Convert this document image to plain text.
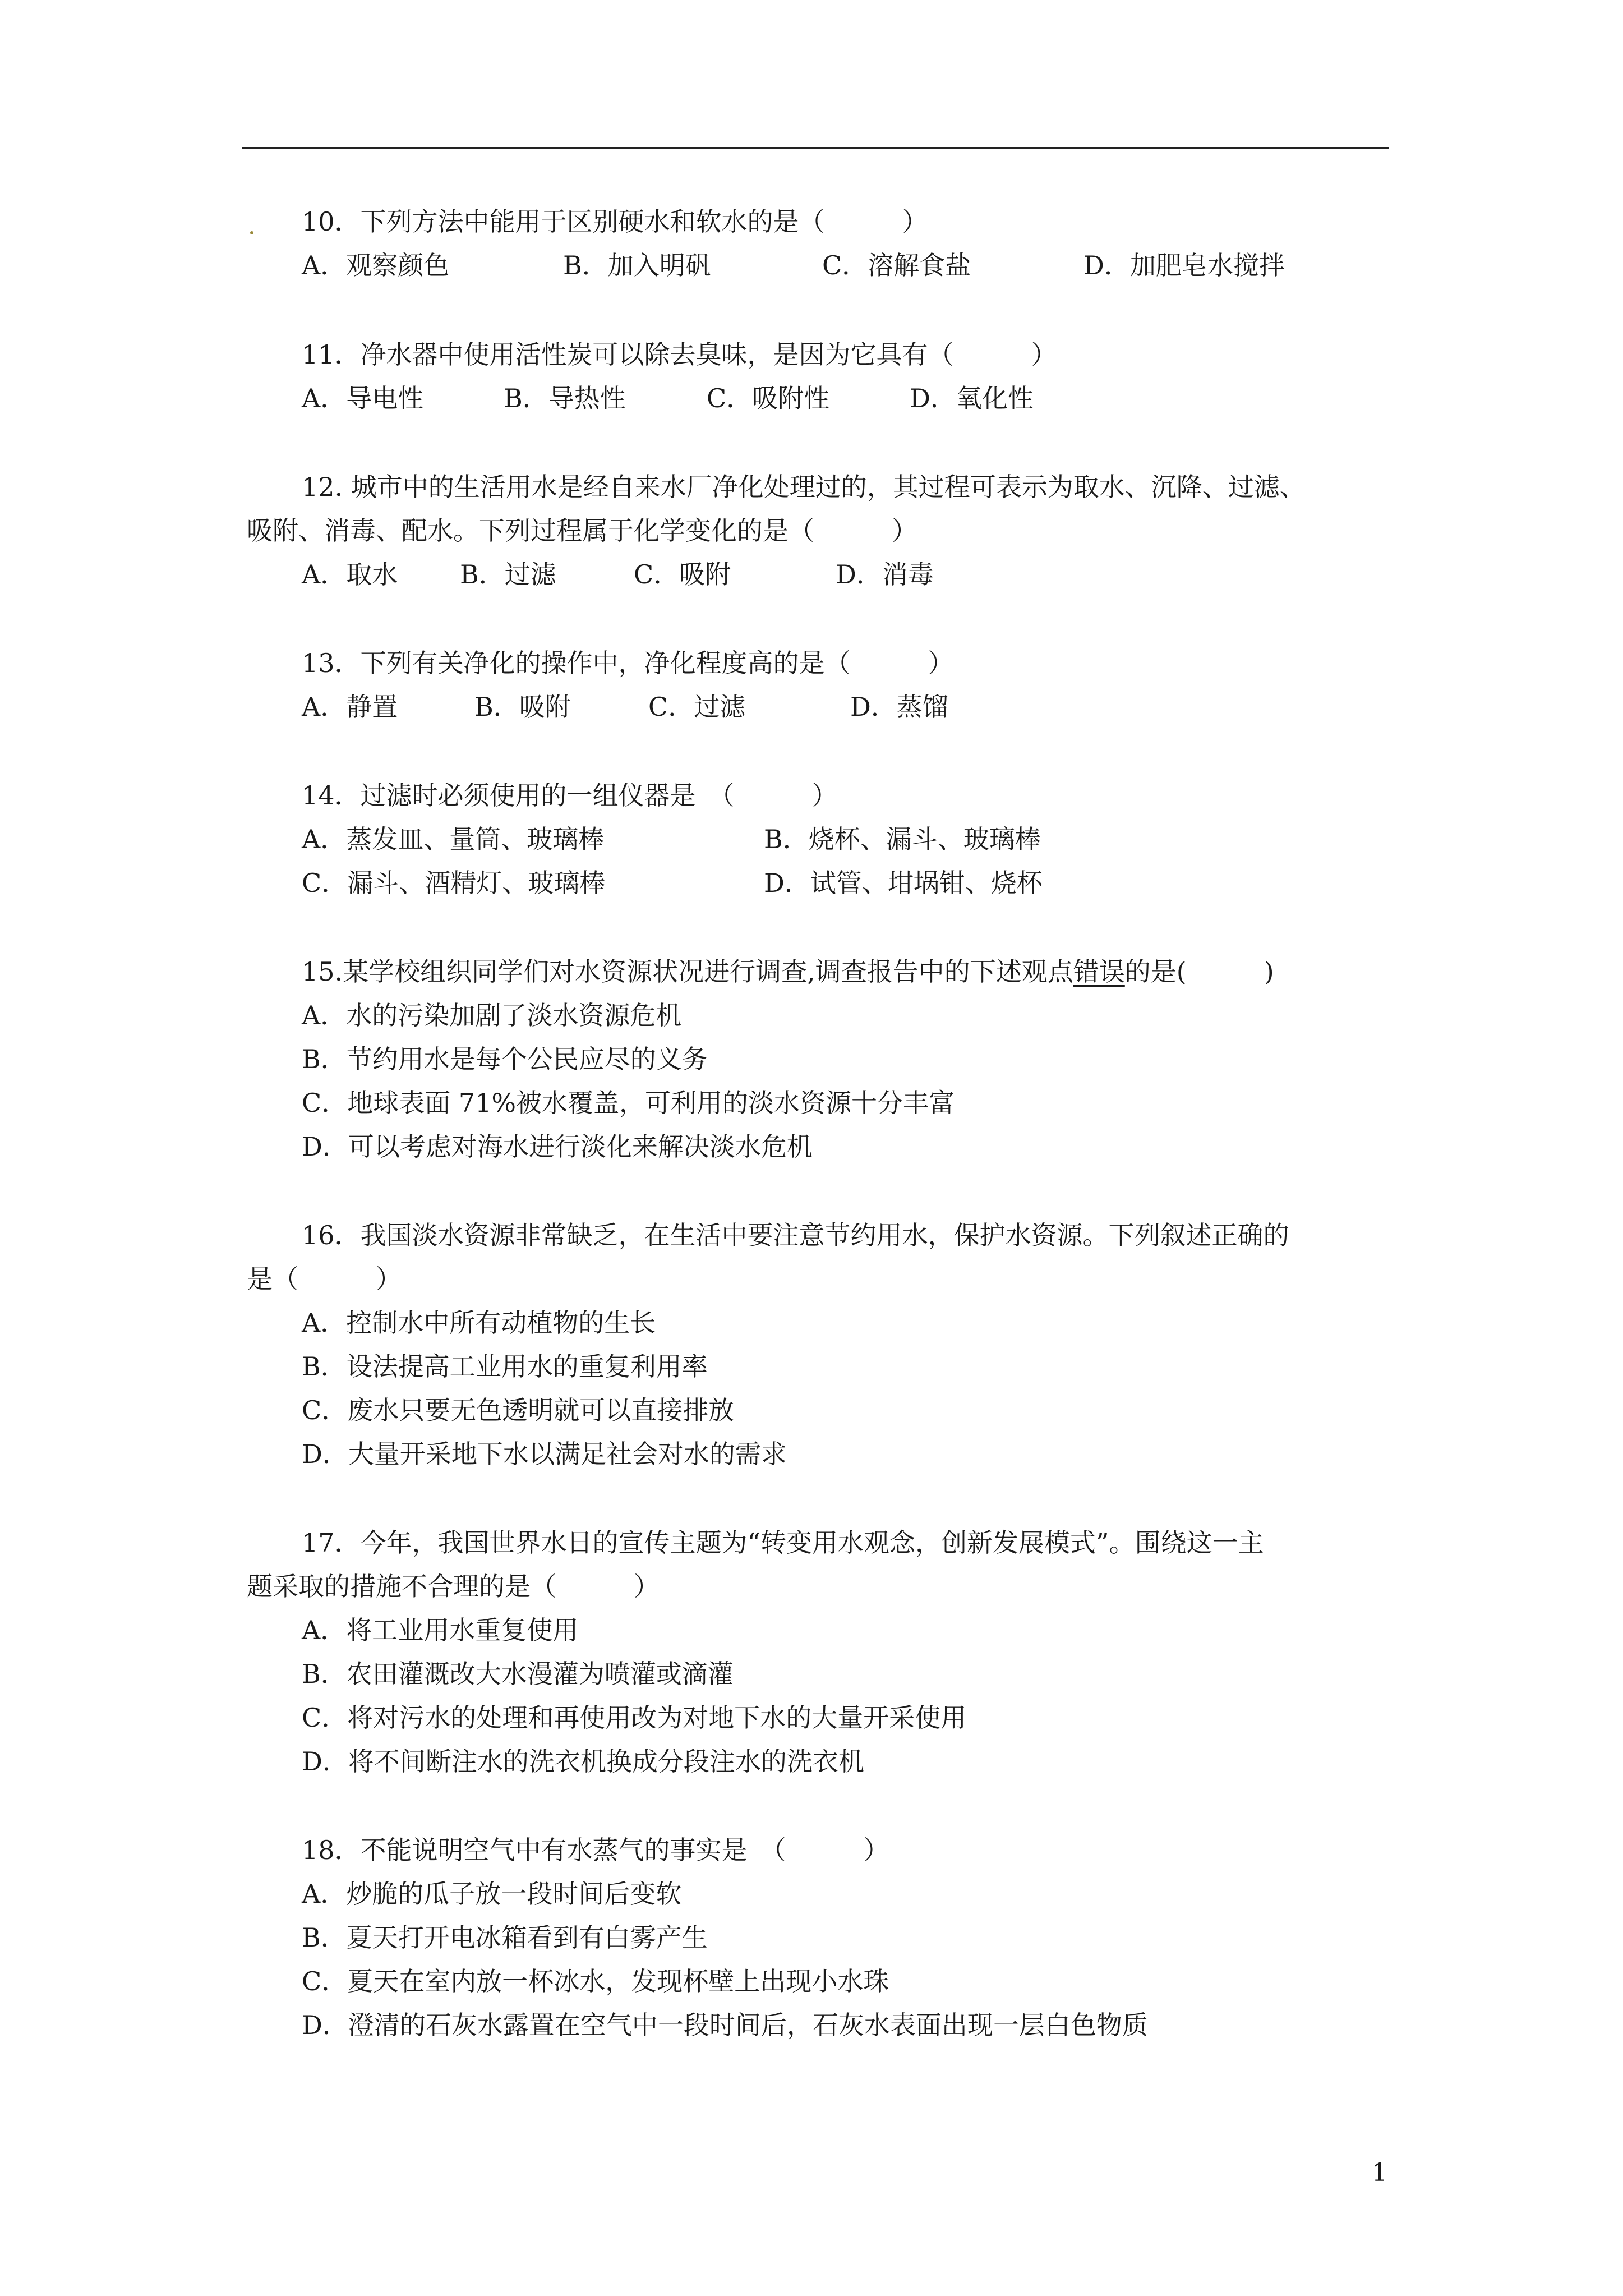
10．下列方法中能用于区别硬水和软水的是（　　　）
A．观察颜色	B．加入明矾	C．溶解食盐	D．加肥皂水搅拌
11．净水器中使用活性炭可以除去臭味，是因为它具有（　　　）
A．导电性	B．导热性	C．吸附性	D．氧化性
12. 城市中的生活用水是经自来水厂净化处理过的，其过程可表示为取水、沉降、过滤、
吸附、消毒、配水。下列过程属于化学变化的是（　　　）
A．取水 B．过滤	C．吸附	D．消毒
13．下列有关净化的操作中，净化程度高的是（　　　）
A．静置	B．吸附	C．过滤	D．蒸馏
14．过滤时必须使用的一组仪器是　（　　　）
A．蒸发皿、量筒、玻璃棒	B．烧杯、漏斗、玻璃棒
C．漏斗、酒精灯、玻璃棒	D．试管、坩埚钳、烧杯
15.某学校组织同学们对水资源状况进行调查,调查报告中的下述观点错误的是(　　　)
A．水的污染加剧了淡水资源危机
B．节约用水是每个公民应尽的义务
C．地球表面 71%被水覆盖，可利用的淡水资源十分丰富
D．可以考虑对海水进行淡化来解决淡水危机
16．我国淡水资源非常缺乏，在生活中要注意节约用水，保护水资源。下列叙述正确的
是（　　　）
A．控制水中所有动植物的生长
B．设法提高工业用水的重复利用率
C．废水只要无色透明就可以直接排放
D．大量开采地下水以满足社会对水的需求
17．今年，我国世界水日的宣传主题为“转变用水观念，创新发展模式”。围绕这一主
题采取的措施不合理的是（　　　）
A．将工业用水重复使用
B．农田灌溉改大水漫灌为喷灌或滴灌
C．将对污水的处理和再使用改为对地下水的大量开采使用
D．将不间断注水的洗衣机换成分段注水的洗衣机
18．不能说明空气中有水蒸气的事实是　（　　　）
A．炒脆的瓜子放一段时间后变软
B．夏天打开电冰箱看到有白雾产生
C．夏天在室内放一杯冰水，发现杯壁上出现小水珠
D．澄清的石灰水露置在空气中一段时间后，石灰水表面出现一层白色物质
1
